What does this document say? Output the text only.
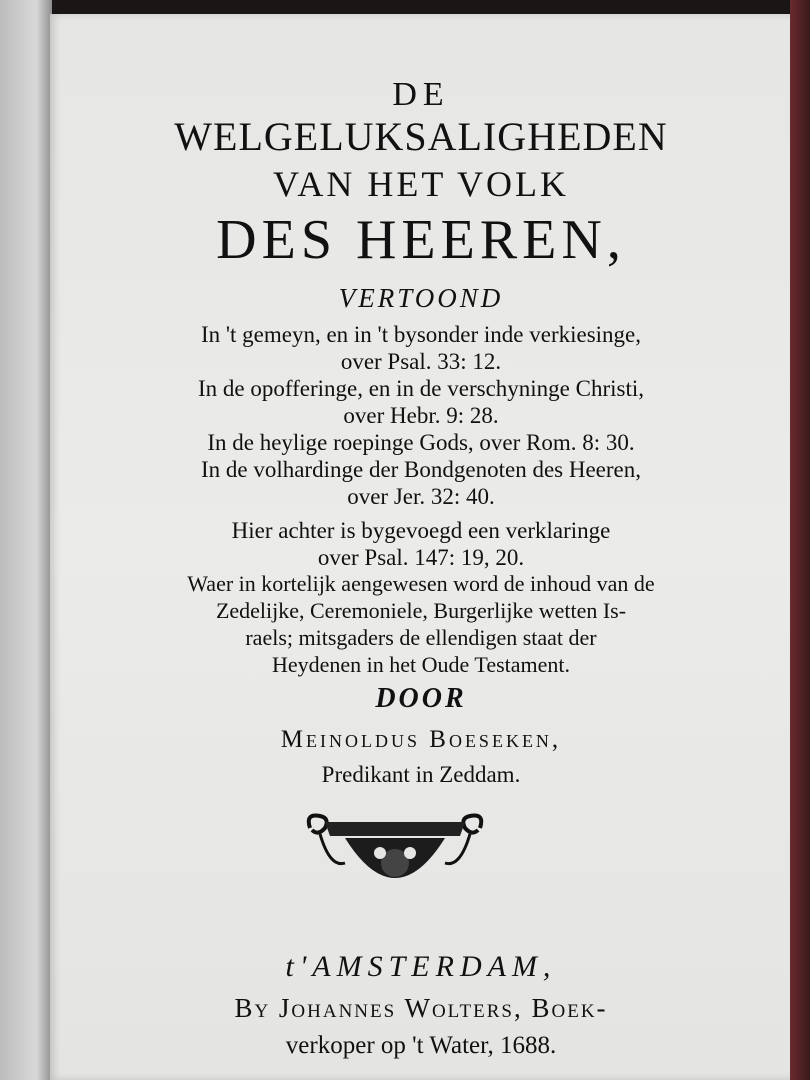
DE
WELGELUKSALIGHEDEN
VAN HET VOLK
DES HEEREN,
VERTOOND
In 't gemeyn, en in 't bysonder inde verkiesinge,
over Psal. 33: 12.
In de opofferinge, en in de verschyninge Christi,
over Hebr. 9: 28.
In de heylige roepinge Gods, over Rom. 8: 30.
In de volhardinge der Bondgenoten des Heeren,
over Jer. 32: 40.
Hier achter is bygevoegd een verklaringe
over Psal. 147: 19, 20.
Waer in kortelijk aengewesen word de inhoud van de
Zedelijke, Ceremoniele, Burgerlijke wetten Is-
raels; mitsgaders de ellendigen staat der
Heydenen in het Oude Testament.
DOOR
Meinoldus Boeseken,
Predikant in Zeddam.
t'AMSTERDAM,
By Johannes Wolters, Boek-
verkoper op 't Water, 1688.
